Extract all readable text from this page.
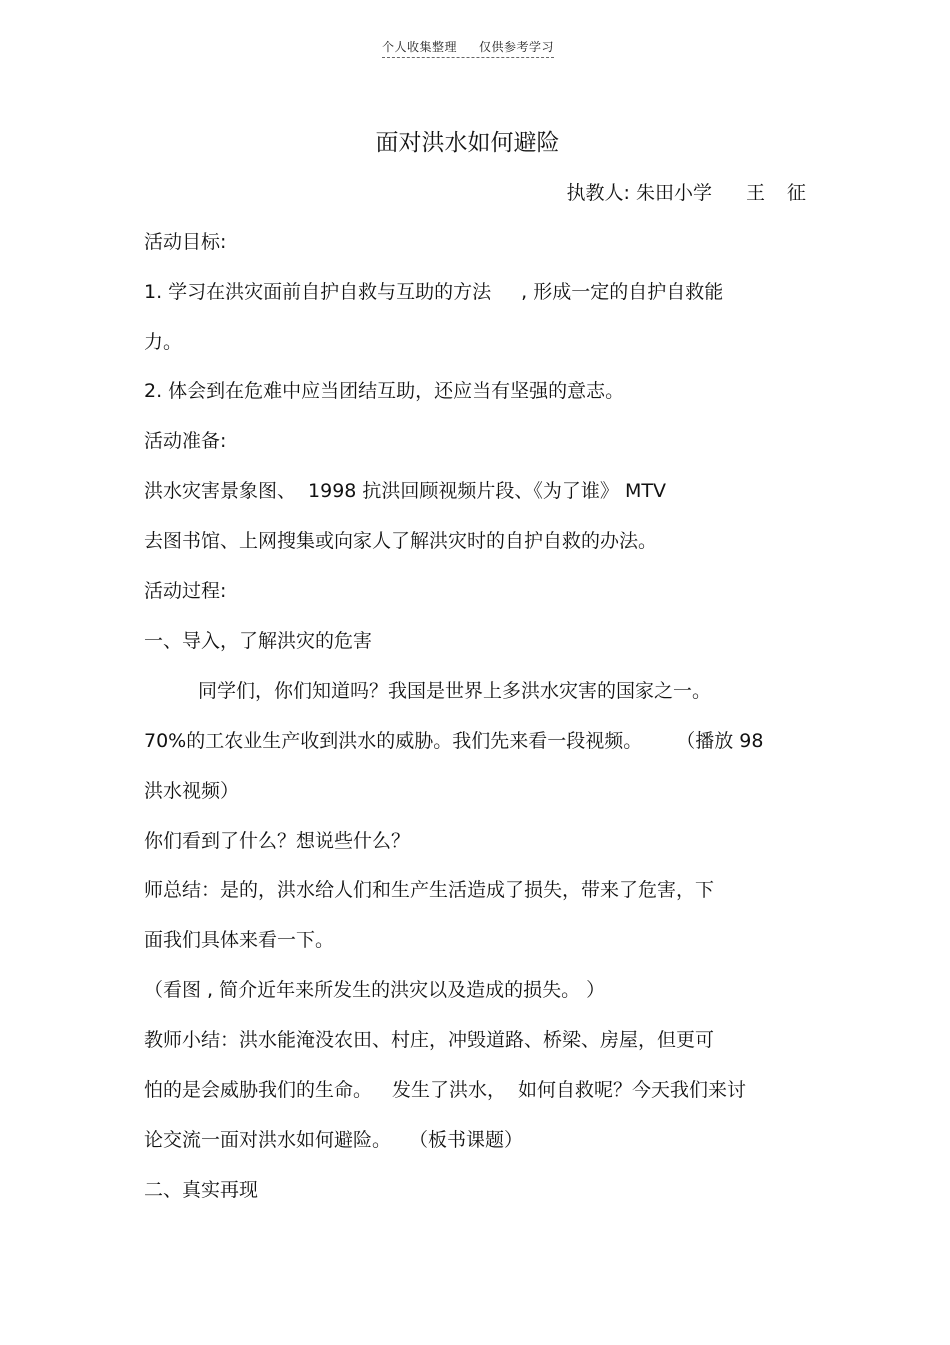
个人收集整理 仅供参考学习
面对洪水如何避险
执教人: 朱田小学 王 征
活动目标:
1. 学习在洪灾面前自护自救与互助的方法 , 形成一定的自护自救能
力。
2. 体会到在危难中应当团结互助，还应当有坚强的意志。
活动准备:
洪水灾害景象图、 1998 抗洪回顾视频片段、《为了谁》 MTV
去图书馆、上网搜集或向家人了解洪灾时的自护自救的办法。
活动过程:
一、导入，了解洪灾的危害
同学们，你们知道吗？我国是世界上多洪水灾害的国家之一。
70%的工农业生产收到洪水的威胁。我们先来看一段视频。 （播放 98
洪水视频）
你们看到了什么？想说些什么？
师总结：是的，洪水给人们和生产生活造成了损失，带来了危害，下
面我们具体来看一下。
（看图 , 简介近年来所发生的洪灾以及造成的损失。 ）
教师小结：洪水能淹没农田、村庄，冲毁道路、桥梁、房屋，但更可
怕的是会威胁我们的生命。 发生了洪水， 如何自救呢？今天我们来讨
论交流一面对洪水如何避险。 （板书课题）
二、真实再现
